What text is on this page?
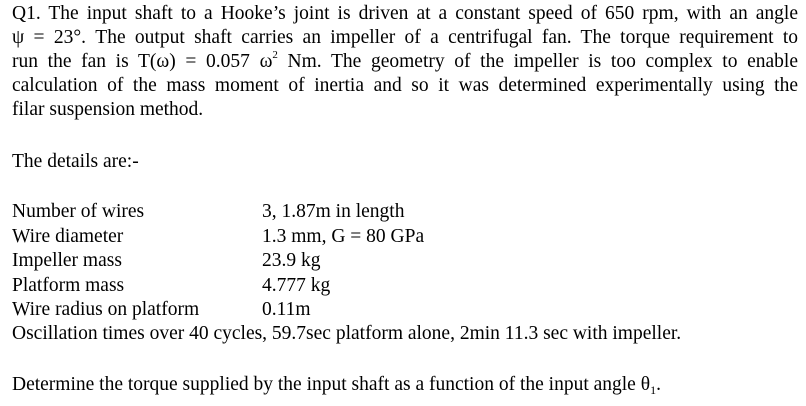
Q1. The input shaft to a Hooke’s joint is driven at a constant speed of 650 rpm, with an angle
ψ = 23°. The output shaft carries an impeller of a centrifugal fan. The torque requirement to
run the fan is T(ω) = 0.057 $\omega^2$ Nm. The geometry of the impeller is too complex to enable
calculation of the mass moment of inertia and so it was determined experimentally using the
filar suspension method.

The details are:-

Number of wires	3, 1.87m in length
Wire diameter	1.3 mm, G = 80 GPa
Impeller mass	23.9 kg
Platform mass	4.777 kg
Wire radius on platform	0.11m
Oscillation times over 40 cycles, 59.7sec platform alone, 2min 11.3 sec with impeller.
Determine the torque supplied by the input shaft as a function of the input angle $\theta_1$.
